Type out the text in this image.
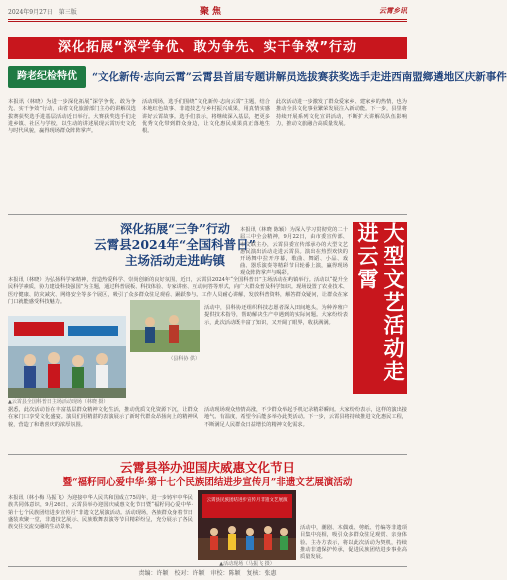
2024年9月27日　第三版	聚焦	云霄乡讯
深化拓展“深学争优、敢为争先、实干争效”行动
跨老纪检特优	“文化新传·志向云霄”云霄县首届专题讲解员选拔赛获奖选手走进西南盟鄉遴地区庆新事件

本报讯（林晓）为进一步深化拓展“深学争优、敢为争先、实干争效”行动，由省文化旅游部门主办的讲解员选拔赛获奖选手进基层活动近日举行。大赛获奖选手们走进乡镇、社区与学校，以生动的讲述展现云霄历史文化与时代风貌，赢得现场群众阵阵掌声。

活动现场，选手们围绕“文化新传·志向云霄”主题，结合本地红色故事、非遗技艺与乡村振兴成果，用真情实感讲好云霄故事。选手们表示，将继续深入基层，把更多优秀文化带到群众身边，让文化惠民成果真正落地生根。

此次活动进一步激发了群众爱家乡、建家乡的热情，也为推动全县文化事业繁荣发展注入新动能。下一步，县里将持续开展系列文化宣讲活动，不断扩大讲解员队伍影响力，推动文旅融合高质量发展。

深化拓展“三争”行动
云霄县2024年“全国科普日”
主场活动走进屿镇

本报讯（林晓）为弘扬科学家精神，营造热爱科学、崇尚创新的良好氛围，近日，云霄县2024年“全国科普日”主场活动在屿镇举行。活动以“提升全民科学素质，协力建设科技强国”为主题，通过科普展板、科技体验、专家讲座、互动问答等形式，向广大群众普及科学知识。现场设置了农业技术、医疗健康、防灾减灾、网络安全等多个展区，吸引了众多群众驻足观看、踊跃参与。工作人员耐心讲解，发放科普资料，解答群众疑问，让群众在家门口就能感受科技魅力。

▲云霄县全国科普日主场活动现场（林晓 摄）

活动中，县科协还组织科技志愿者深入田间地头，为种养殖户提供技术指导，帮助解决生产中遇到的实际问题。大家纷纷表示，此次活动既丰富了知识，又开阔了眼界，收获满满。

（县科协 供）	大型文艺活动走进云霄

本报讯（林晓 陈颖）为深入学习贯彻党的二十届三中全会精神，9月22日，由市委宣传部、市文联主办，云霄县委宣传部承办的大型文艺惠民演出活动走进云霄县。演出在热烈欢快的开场舞中拉开序幕，歌曲、舞蹈、小品、戏曲、器乐演奏等精彩节目轮番上演，赢得现场观众阵阵掌声与喝彩。

活动现场观众热情高涨，不少群众举起手机记录精彩瞬间。大家纷纷表示，这样的演出接地气、有温度，希望今后能多举办此类活动。下一步，云霄县将持续推进文化惠民工程，不断满足人民群众日益增长的精神文化需求。

据悉，此次活动旨在丰富基层群众精神文化生活，推动优质文化资源下沉，让群众在家门口享受文化盛宴。演员们用精湛的表演展示了新时代群众昂扬向上的精神风貌，营造了和谐喜庆的浓厚氛围。

云霄县举办迎国庆威惠文化节日
暨“福籽同心爱中华·第十七个民族团结进步宣传月”非遗文艺展演活动

本报讯（林小梅 马振飞）为迎接中华人民共和国成立75周年，进一步铸牢中华民族共同体意识，9月26日，云霄县举办迎国庆威惠文化节日暨“福籽同心爱中华·第十七个民族团结进步宣传月”非遗文艺展演活动。活动现场，各族群众身着节日盛装欢聚一堂，非遗技艺展示、民族歌舞表演等节目精彩纷呈，充分展示了各民族交往交流交融的生动景象。	活动中，潮剧、木偶戏、剪纸、竹编等非遗项目集中亮相，吸引众多群众驻足观赏、亲身体验。主办方表示，将以此次活动为契机，持续推动非遗保护传承，促进民族团结进步事业高质量发展。

云霄县民族团结进步宣传月非遗文艺展演
▲活动现场（马振飞 摄）
责编：许颖　校对：许颖　审校：陈颖　复核：张惠
